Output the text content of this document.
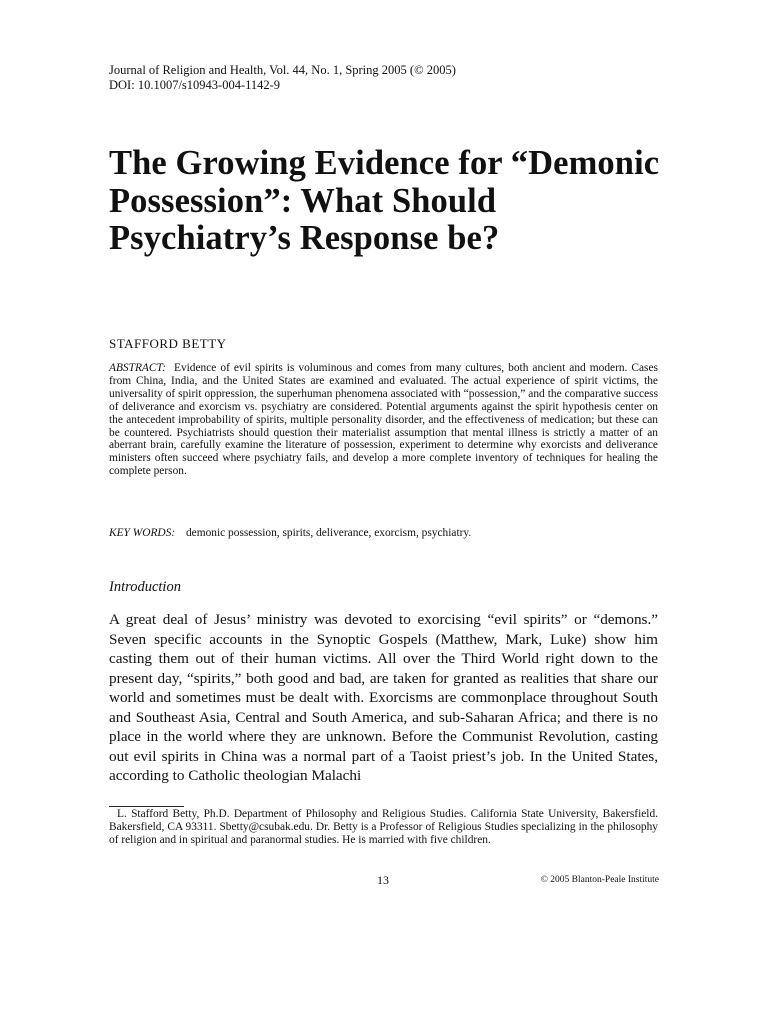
Journal of Religion and Health, Vol. 44, No. 1, Spring 2005 (© 2005)
DOI: 10.1007/s10943-004-1142-9
The Growing Evidence for “Demonic Possession”: What Should Psychiatry’s Response be?
STAFFORD BETTY

ABSTRACT: Evidence of evil spirits is voluminous and comes from many cultures, both ancient and modern. Cases from China, India, and the United States are examined and evaluated. The actual experience of spirit victims, the universality of spirit oppression, the superhuman phenomena associated with “possession,” and the comparative success of deliverance and exorcism vs. psychiatry are considered. Potential arguments against the spirit hypothesis center on the antecedent improbability of spirits, multiple personality disorder, and the effectiveness of medication; but these can be countered. Psychiatrists should question their materialist assumption that mental illness is strictly a matter of an aberrant brain, carefully examine the literature of possession, experiment to determine why exorcists and deliverance ministers often succeed where psychiatry fails, and develop a more complete inventory of techniques for healing the complete person.

KEY WORDS: demonic possession, spirits, deliverance, exorcism, psychiatry.
Introduction

A great deal of Jesus’ ministry was devoted to exorcising “evil spirits” or “demons.” Seven specific accounts in the Synoptic Gospels (Matthew, Mark, Luke) show him casting them out of their human victims. All over the Third World right down to the present day, “spirits,” both good and bad, are taken for granted as realities that share our world and sometimes must be dealt with. Exorcisms are commonplace throughout South and Southeast Asia, Central and South America, and sub-Saharan Africa; and there is no place in the world where they are unknown. Before the Communist Revolution, casting out evil spirits in China was a normal part of a Taoist priest’s job. In the United States, according to Catholic theologian Malachi

L. Stafford Betty, Ph.D. Department of Philosophy and Religious Studies. California State University, Bakersfield. Bakersfield, CA 93311. Sbetty@csubak.edu. Dr. Betty is a Professor of Religious Studies specializing in the philosophy of religion and in spiritual and paranormal studies. He is married with five children.

13	© 2005 Blanton-Peale Institute
